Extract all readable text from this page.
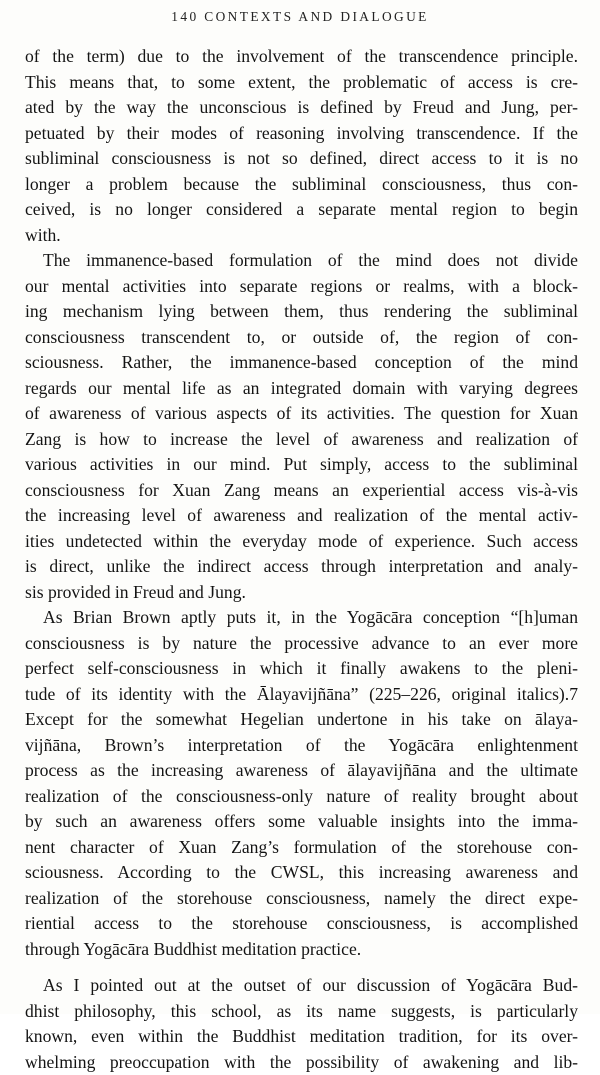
140 CONTEXTS AND DIALOGUE
of the term) due to the involvement of the transcendence principle.
This means that, to some extent, the problematic of access is cre-
ated by the way the unconscious is defined by Freud and Jung, per-
petuated by their modes of reasoning involving transcendence. If the
subliminal consciousness is not so defined, direct access to it is no
longer a problem because the subliminal consciousness, thus con-
ceived, is no longer considered a separate mental region to begin
with.
The immanence-based formulation of the mind does not divide
our mental activities into separate regions or realms, with a block-
ing mechanism lying between them, thus rendering the subliminal
consciousness transcendent to, or outside of, the region of con-
sciousness. Rather, the immanence-based conception of the mind
regards our mental life as an integrated domain with varying degrees
of awareness of various aspects of its activities. The question for Xuan
Zang is how to increase the level of awareness and realization of
various activities in our mind. Put simply, access to the subliminal
consciousness for Xuan Zang means an experiential access vis-à-vis
the increasing level of awareness and realization of the mental activ-
ities undetected within the everyday mode of experience. Such access
is direct, unlike the indirect access through interpretation and analy-
sis provided in Freud and Jung.
As Brian Brown aptly puts it, in the Yogācāra conception “[h]uman
consciousness is by nature the processive advance to an ever more
perfect self-consciousness in which it finally awakens to the pleni-
tude of its identity with the Ālayavijñāna” (225–226, original italics).7
Except for the somewhat Hegelian undertone in his take on ālaya-
vijñāna, Brown’s interpretation of the Yogācāra enlightenment
process as the increasing awareness of ālayavijñāna and the ultimate
realization of the consciousness-only nature of reality brought about
by such an awareness offers some valuable insights into the imma-
nent character of Xuan Zang’s formulation of the storehouse con-
sciousness. According to the CWSL, this increasing awareness and
realization of the storehouse consciousness, namely the direct expe-
riential access to the storehouse consciousness, is accomplished
through Yogācāra Buddhist meditation practice.
As I pointed out at the outset of our discussion of Yogācāra Bud-
dhist philosophy, this school, as its name suggests, is particularly
known, even within the Buddhist meditation tradition, for its over-
whelming preoccupation with the possibility of awakening and lib-
